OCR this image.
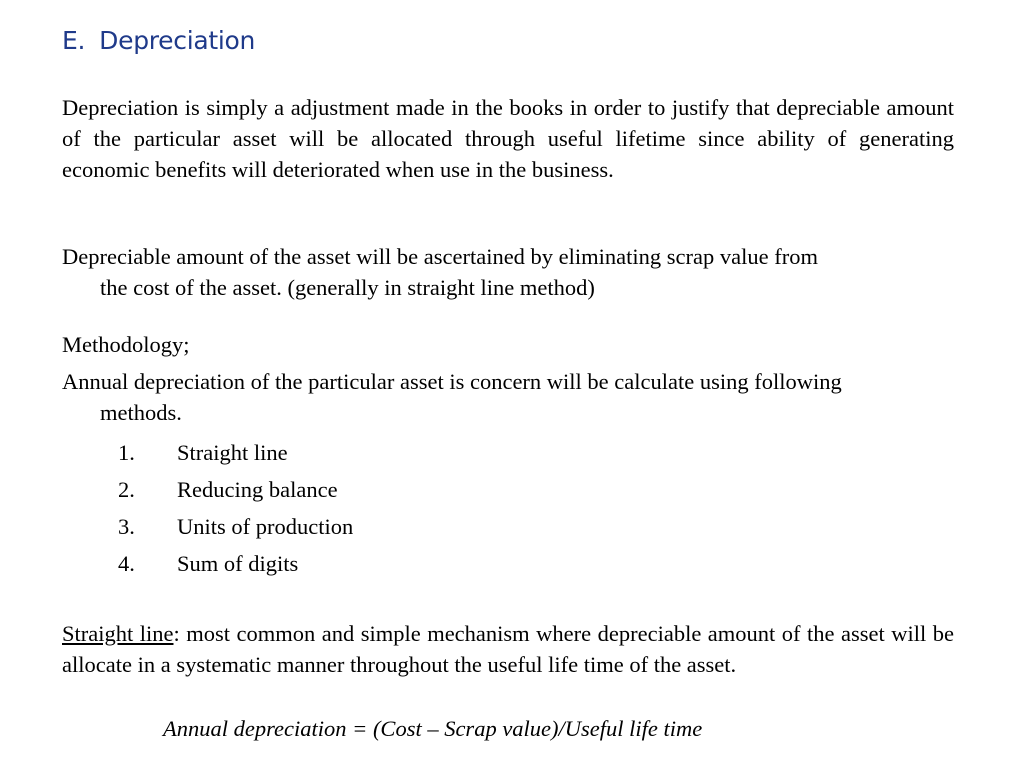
E. Depreciation
Depreciation is simply a adjustment made in the books in order to justify that depreciable amount of the particular asset will be allocated through useful lifetime since ability of generating economic benefits will deteriorated when use in the business.
Depreciable amount of the asset will be ascertained by eliminating scrap value from
the cost of the asset. (generally in straight line method)
Methodology;
Annual depreciation of the particular asset is concern will be calculate using following
methods.
1. Straight line
2. Reducing balance
3. Units of production
4. Sum of digits
Straight line: most common and simple mechanism where depreciable amount of the asset will be allocate in a systematic manner throughout the useful life time of the asset.
Annual depreciation = (Cost – Scrap value)/Useful life time
